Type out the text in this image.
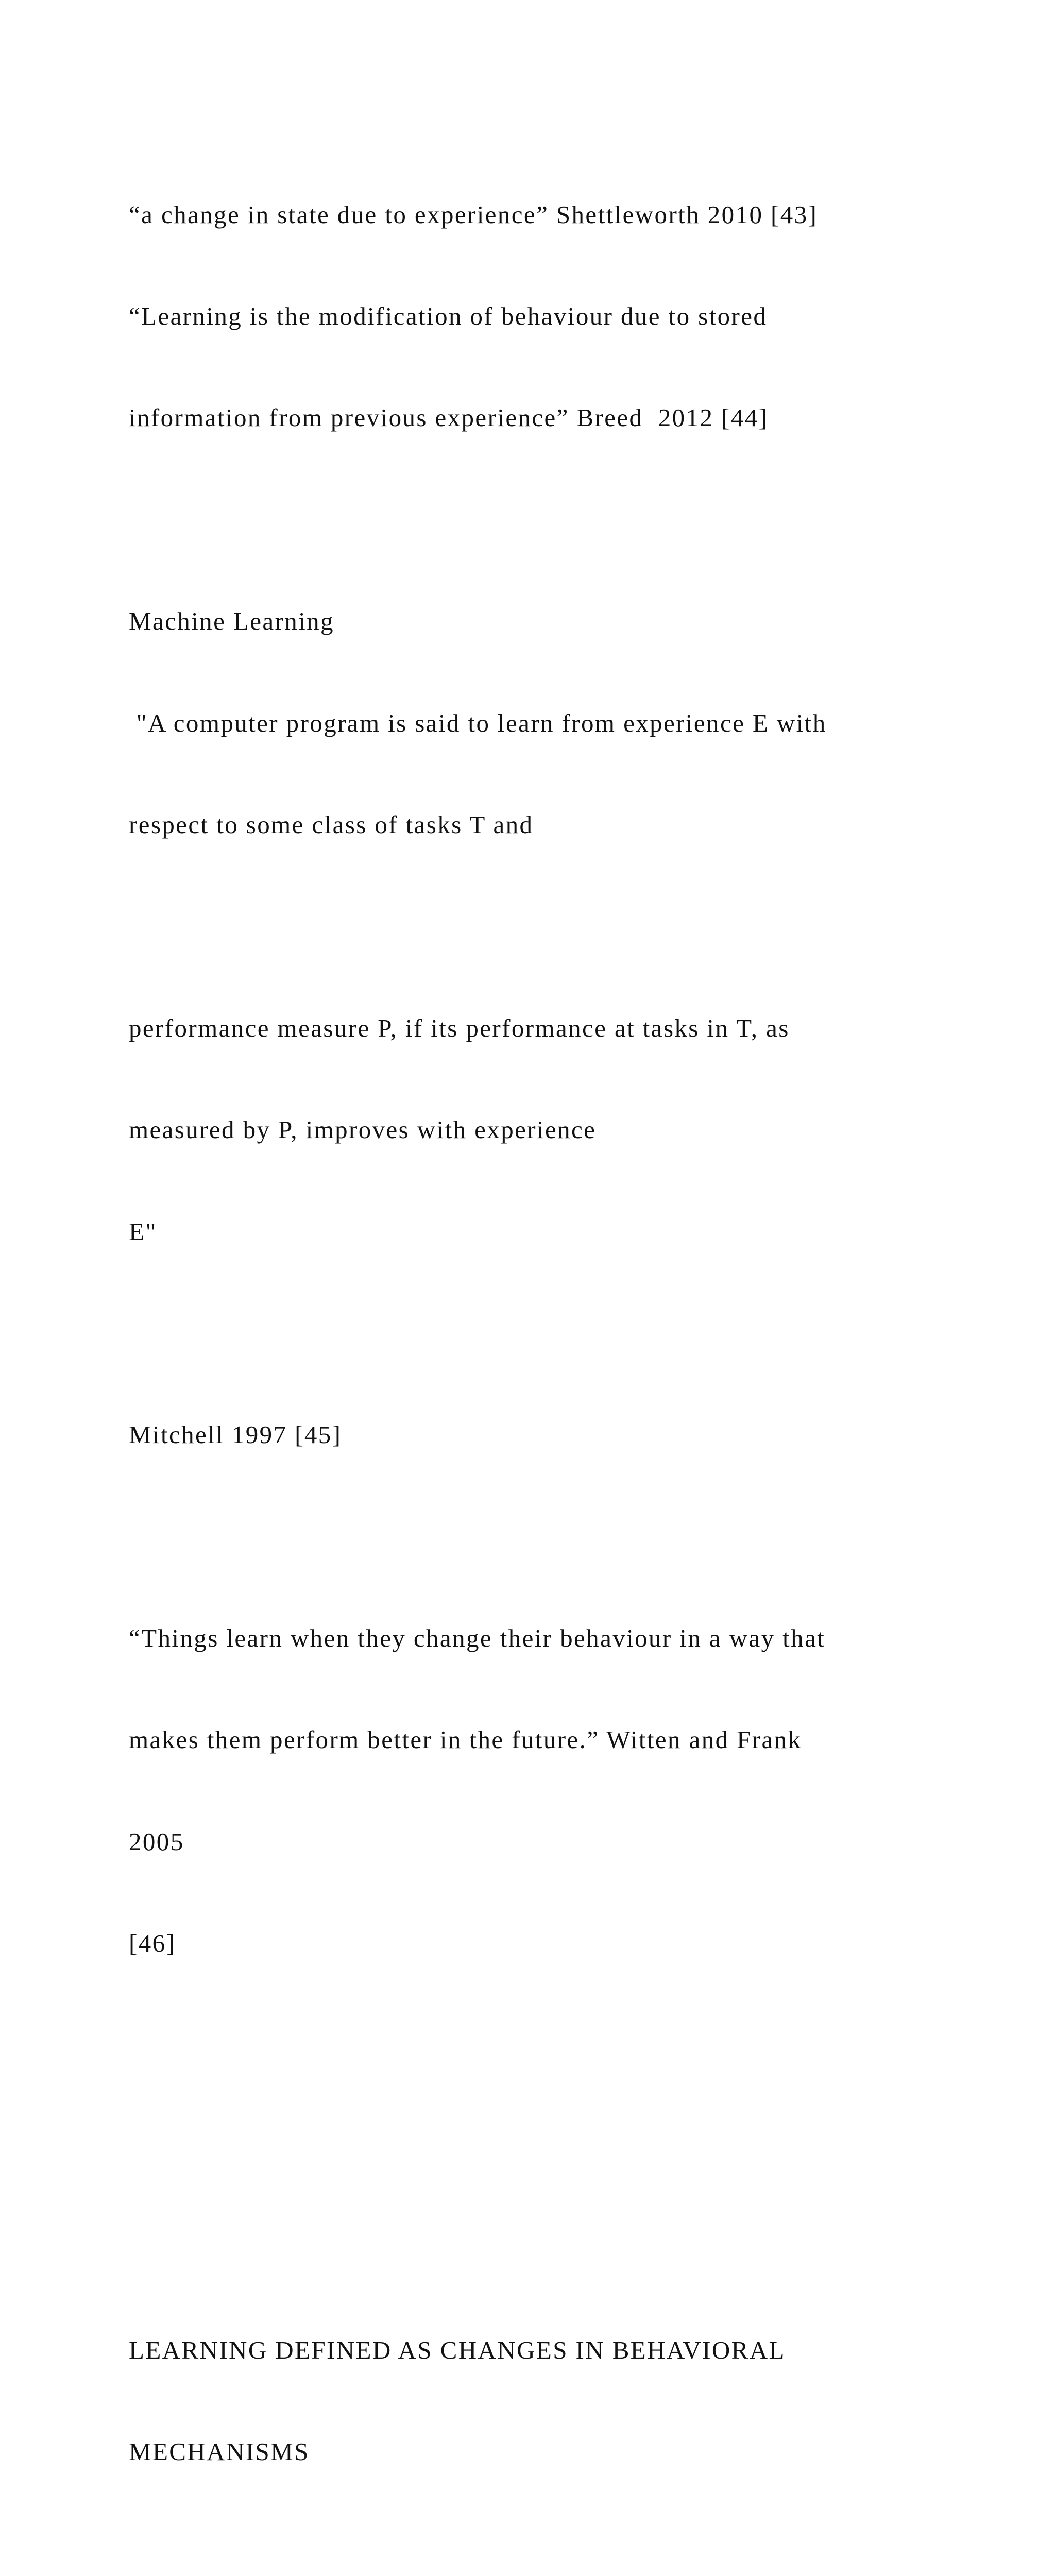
“a change in state due to experience” Shettleworth 2010 [43]

“Learning is the modification of behaviour due to stored

information from previous experience” Breed  2012 [44]

Machine Learning

"A computer program is said to learn from experience E with

respect to some class of tasks T and

performance measure P, if its performance at tasks in T, as

measured by P, improves with experience

E"

Mitchell 1997 [45]

“Things learn when they change their behaviour in a way that

makes them perform better in the future.” Witten and Frank

2005

[46]

LEARNING DEFINED AS CHANGES IN BEHAVIORAL

MECHANISMS
